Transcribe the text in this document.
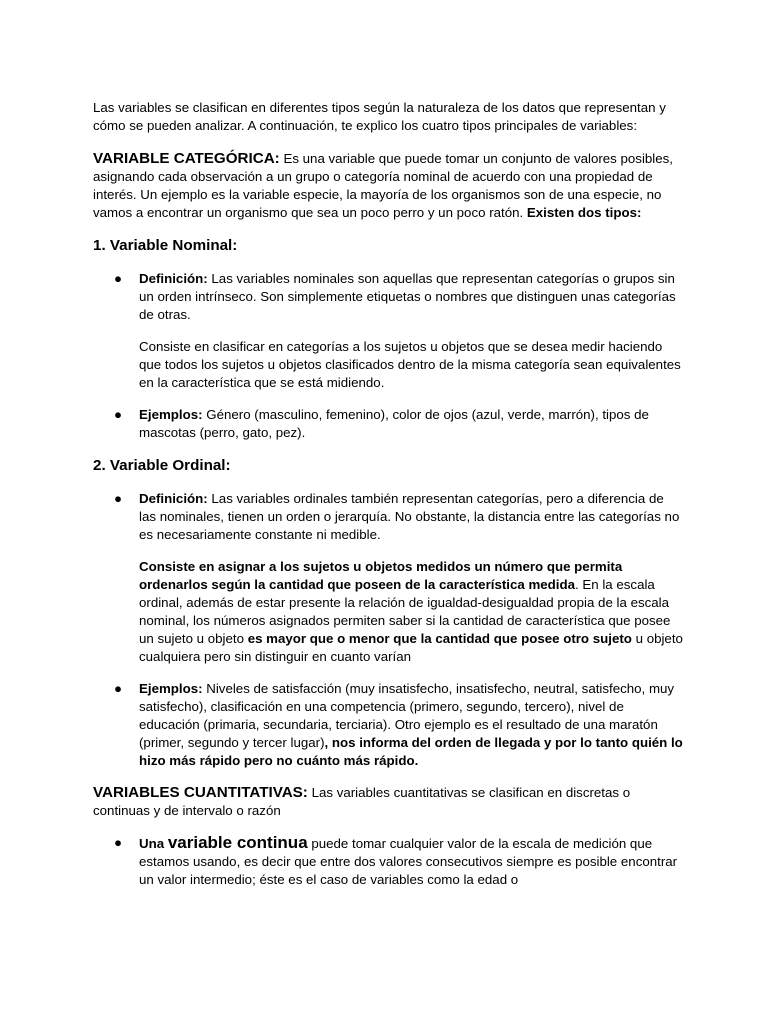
Las variables se clasifican en diferentes tipos según la naturaleza de los datos que representan y cómo se pueden analizar. A continuación, te explico los cuatro tipos principales de variables:

VARIABLE CATEGÓRICA: Es una variable que puede tomar un conjunto de valores posibles, asignando cada observación a un grupo o categoría nominal de acuerdo con una propiedad de interés. Un ejemplo es la variable especie, la mayoría de los organismos son de una especie, no vamos a encontrar un organismo que sea un poco perro y un poco ratón. Existen dos tipos:

1. Variable Nominal:
● Definición: Las variables nominales son aquellas que representan categorías o grupos sin un orden intrínseco. Son simplemente etiquetas o nombres que distinguen unas categorías de otras.

Consiste en clasificar en categorías a los sujetos u objetos que se desea medir haciendo que todos los sujetos u objetos clasificados dentro de la misma categoría sean equivalentes en la característica que se está midiendo.

● Ejemplos: Género (masculino, femenino), color de ojos (azul, verde, marrón), tipos de mascotas (perro, gato, pez).

2. Variable Ordinal:
● Definición: Las variables ordinales también representan categorías, pero a diferencia de las nominales, tienen un orden o jerarquía. No obstante, la distancia entre las categorías no es necesariamente constante ni medible.

Consiste en asignar a los sujetos u objetos medidos un número que permita ordenarlos según la cantidad que poseen de la característica medida. En la escala ordinal, además de estar presente la relación de igualdad-desigualdad propia de la escala nominal, los números asignados permiten saber si la cantidad de característica que posee un sujeto u objeto es mayor que o menor que la cantidad que posee otro sujeto u objeto cualquiera pero sin distinguir en cuanto varían

● Ejemplos: Niveles de satisfacción (muy insatisfecho, insatisfecho, neutral, satisfecho, muy satisfecho), clasificación en una competencia (primero, segundo, tercero), nivel de educación (primaria, secundaria, terciaria). Otro ejemplo es el resultado de una maratón (primer, segundo y tercer lugar), nos informa del orden de llegada y por lo tanto quién lo hizo más rápido pero no cuánto más rápido.

VARIABLES CUANTITATIVAS: Las variables cuantitativas se clasifican en discretas o continuas y de intervalo o razón

● Una variable continua puede tomar cualquier valor de la escala de medición que estamos usando, es decir que entre dos valores consecutivos siempre es posible encontrar un valor intermedio; éste es el caso de variables como la edad o
